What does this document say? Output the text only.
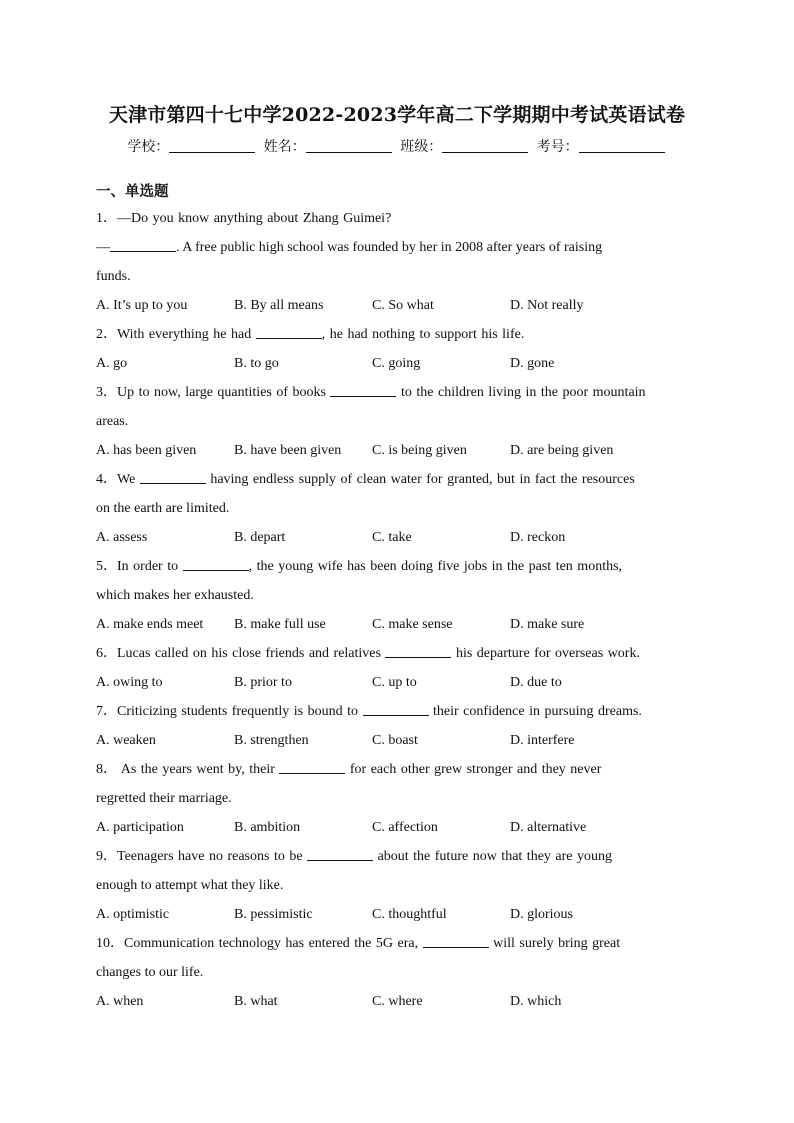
天津市第四十七中学2022-2023学年高二下学期期中考试英语试卷
学校：	姓名：	班级：	考号：
一、单选题
1．—Do you know anything about Zhang Guimei?
—	. A free public high school was founded by her in 2008 after years of raising
funds.
A. It’s up to you	B. By all means	C. So what	D. Not really
2．With everything he had	, he had nothing to support his life.
A. go	B. to go	C. going	D. gone
3．Up to now, large quantities of books	to the children living in the poor mountain
areas.
A. has been given	B. have been given	C. is being given	D. are being given
4．We	having endless supply of clean water for granted, but in fact the resources
on the earth are limited.
A. assess	B. depart	C. take	D. reckon
5．In order to	, the young wife has been doing five jobs in the past ten months,
which makes her exhausted.
A. make ends meet	B. make full use	C. make sense	D. make sure
6．Lucas called on his close friends and relatives	his departure for overseas work.
A. owing to	B. prior to	C. up to	D. due to
7．Criticizing students frequently is bound to	their confidence in pursuing dreams.
A. weaken	B. strengthen	C. boast	D. interfere
8． As the years went by, their	for each other grew stronger and they never
regretted their marriage.
A. participation	B. ambition	C. affection	D. alternative
9．Teenagers have no reasons to be	about the future now that they are young
enough to attempt what they like.
A. optimistic	B. pessimistic	C. thoughtful	D. glorious
10．Communication technology has entered the 5G era,	will surely bring great
changes to our life.
A. when	B. what	C. where	D. which
